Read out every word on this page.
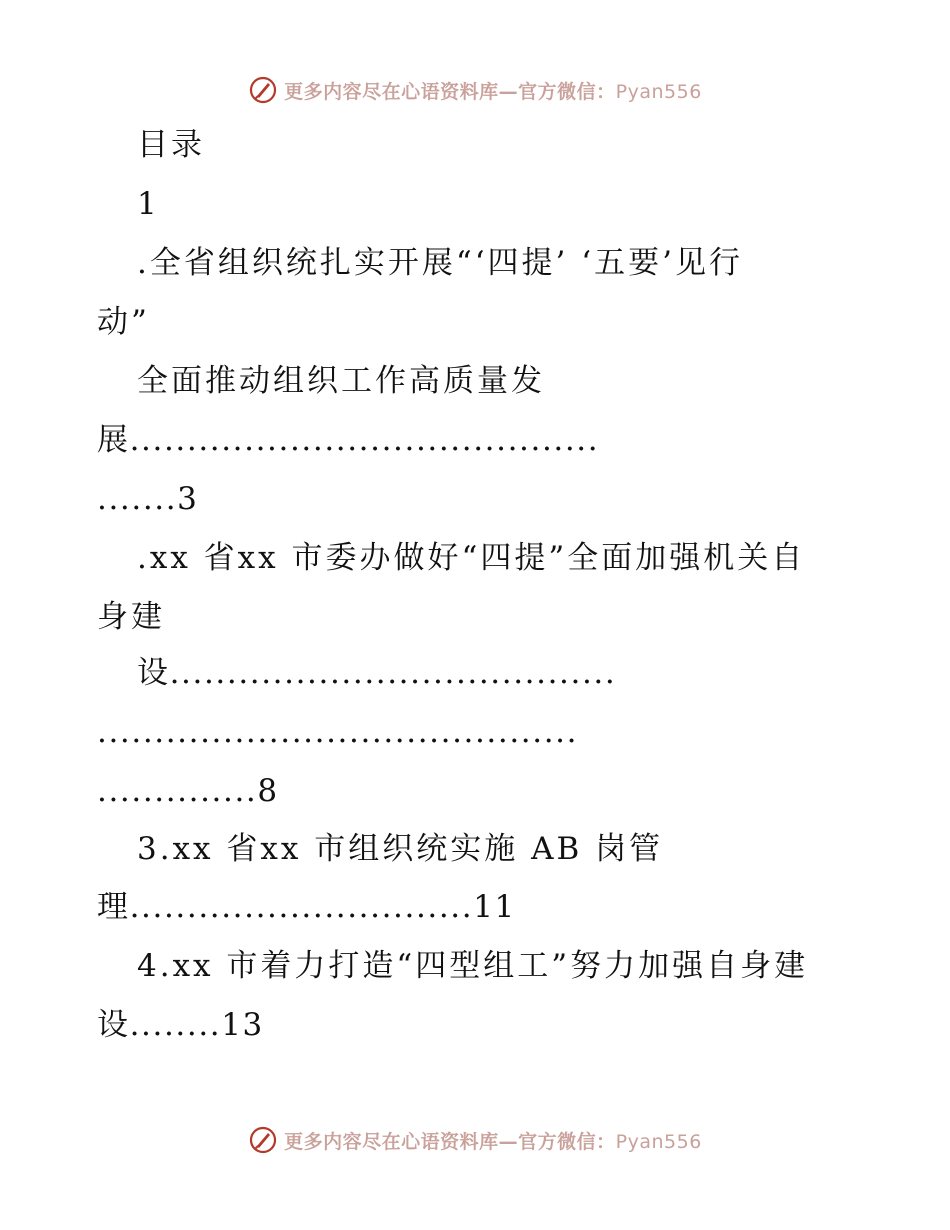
更多内容尽在心语资料库—官方微信：Pyan556
目录
1
.全省组织统扎实开展“‘四提’ ‘五要’见行
动”
全面推动组织工作高质量发
展.........................................
.......3
.xx 省xx 市委办做好“四提”全面加强机关自
身建
设.......................................
..........................................
..............8
3.xx 省xx 市组织统实施 AB 岗管
理..............................11
4.xx 市着力打造“四型组工”努力加强自身建
设........13
更多内容尽在心语资料库—官方微信：Pyan556
